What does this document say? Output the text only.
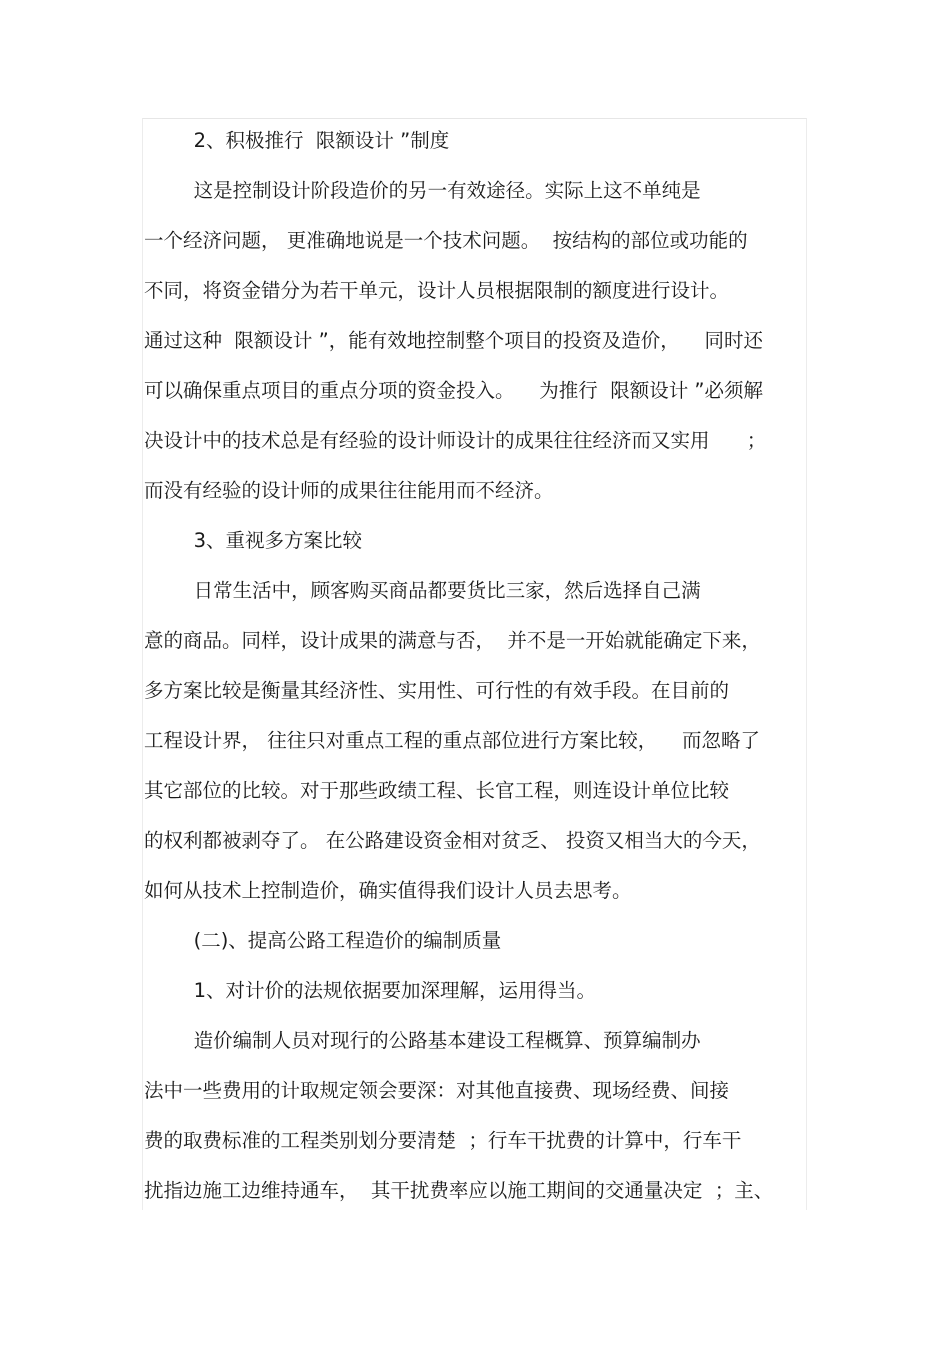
2、积极推行  限额设计 ”制度
这是控制设计阶段造价的另一有效途径。实际上这不单纯是
一个经济问题， 更准确地说是一个技术问题。  按结构的部位或功能的
不同，将资金错分为若干单元，设计人员根据限制的额度进行设计。
通过这种  限额设计 ”，能有效地控制整个项目的投资及造价，    同时还
可以确保重点项目的重点分项的资金投入。    为推行  限额设计 ”必须解
决设计中的技术总是有经验的设计师设计的成果往往经济而又实用      ；
而没有经验的设计师的成果往往能用而不经济。
3、重视多方案比较
日常生活中，顾客购买商品都要货比三家，然后选择自己满
意的商品。同样，设计成果的满意与否，  并不是一开始就能确定下来，
多方案比较是衡量其经济性、实用性、可行性的有效手段。在目前的
工程设计界， 往往只对重点工程的重点部位进行方案比较，    而忽略了
其它部位的比较。对于那些政绩工程、长官工程，则连设计单位比较
的权利都被剥夺了。 在公路建设资金相对贫乏、 投资又相当大的今天，
如何从技术上控制造价，确实值得我们设计人员去思考。
(二)、提高公路工程造价的编制质量
1、对计价的法规依据要加深理解，运用得当。
造价编制人员对现行的公路基本建设工程概算、预算编制办
法中一些费用的计取规定领会要深：对其他直接费、现场经费、间接
费的取费标准的工程类别划分要清楚  ；行车干扰费的计算中，行车干
扰指边施工边维持通车，  其干扰费率应以施工期间的交通量决定  ；主、
